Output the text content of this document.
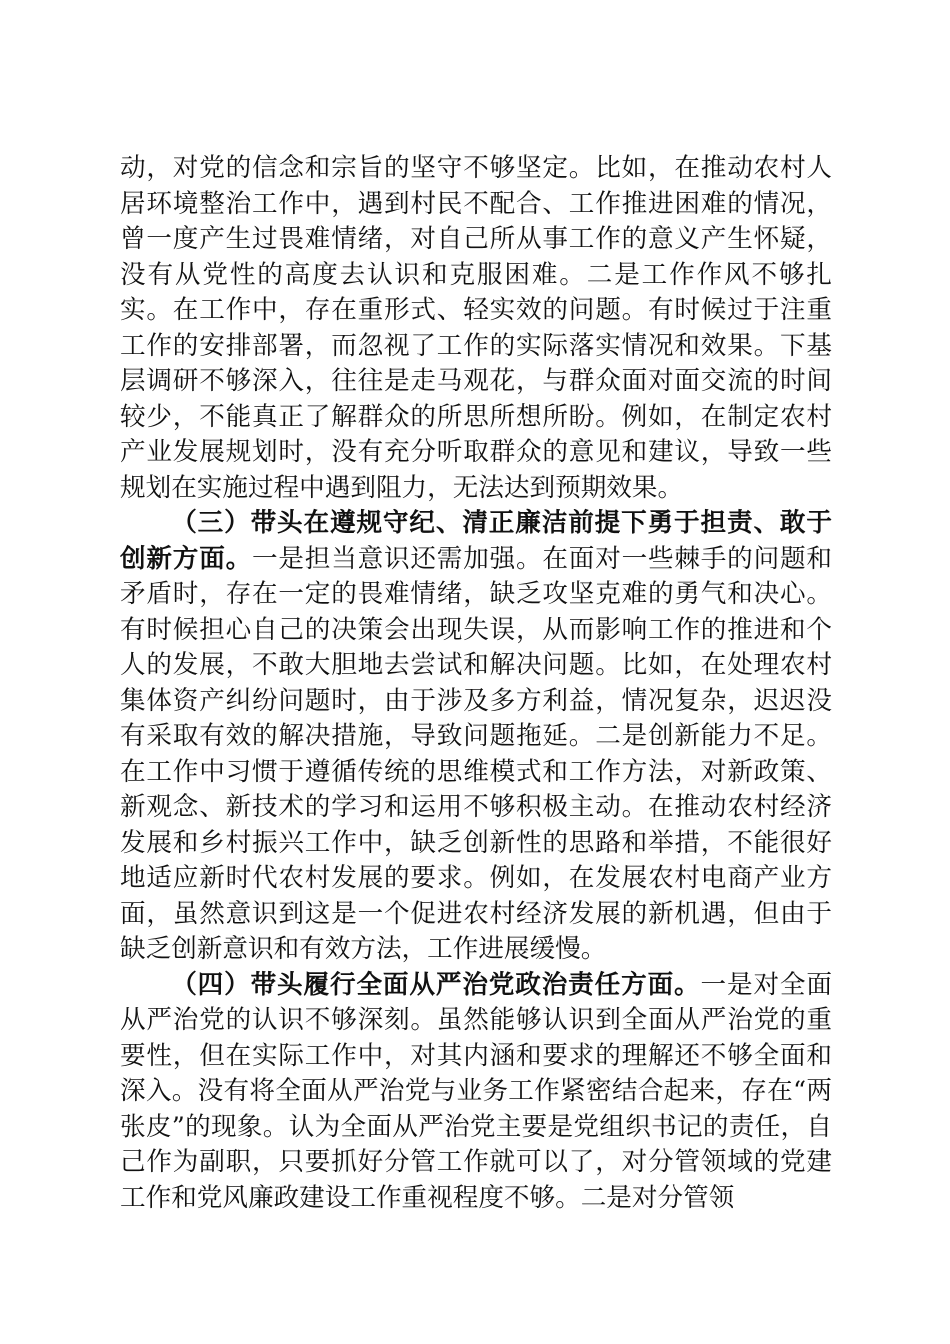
动，对党的信念和宗旨的坚守不够坚定。比如，在推动农村人居环境整治工作中，遇到村民不配合、工作推进困难的情况，曾一度产生过畏难情绪，对自己所从事工作的意义产生怀疑，没有从党性的高度去认识和克服困难。二是工作作风不够扎实。在工作中，存在重形式、轻实效的问题。有时候过于注重工作的安排部署，而忽视了工作的实际落实情况和效果。下基层调研不够深入，往往是走马观花，与群众面对面交流的时间较少，不能真正了解群众的所思所想所盼。例如，在制定农村产业发展规划时，没有充分听取群众的意见和建议，导致一些规划在实施过程中遇到阻力，无法达到预期效果。

（三）带头在遵规守纪、清正廉洁前提下勇于担责、敢于创新方面。一是担当意识还需加强。在面对一些棘手的问题和矛盾时，存在一定的畏难情绪，缺乏攻坚克难的勇气和决心。有时候担心自己的决策会出现失误，从而影响工作的推进和个人的发展，不敢大胆地去尝试和解决问题。比如，在处理农村集体资产纠纷问题时，由于涉及多方利益，情况复杂，迟迟没有采取有效的解决措施，导致问题拖延。二是创新能力不足。在工作中习惯于遵循传统的思维模式和工作方法，对新政策、新观念、新技术的学习和运用不够积极主动。在推动农村经济发展和乡村振兴工作中，缺乏创新性的思路和举措，不能很好地适应新时代农村发展的要求。例如，在发展农村电商产业方面，虽然意识到这是一个促进农村经济发展的新机遇，但由于缺乏创新意识和有效方法，工作进展缓慢。

（四）带头履行全面从严治党政治责任方面。一是对全面从严治党的认识不够深刻。虽然能够认识到全面从严治党的重要性，但在实际工作中，对其内涵和要求的理解还不够全面和深入。没有将全面从严治党与业务工作紧密结合起来，存在“两张皮”的现象。认为全面从严治党主要是党组织书记的责任，自己作为副职，只要抓好分管工作就可以了，对分管领域的党建工作和党风廉政建设工作重视程度不够。二是对分管领
